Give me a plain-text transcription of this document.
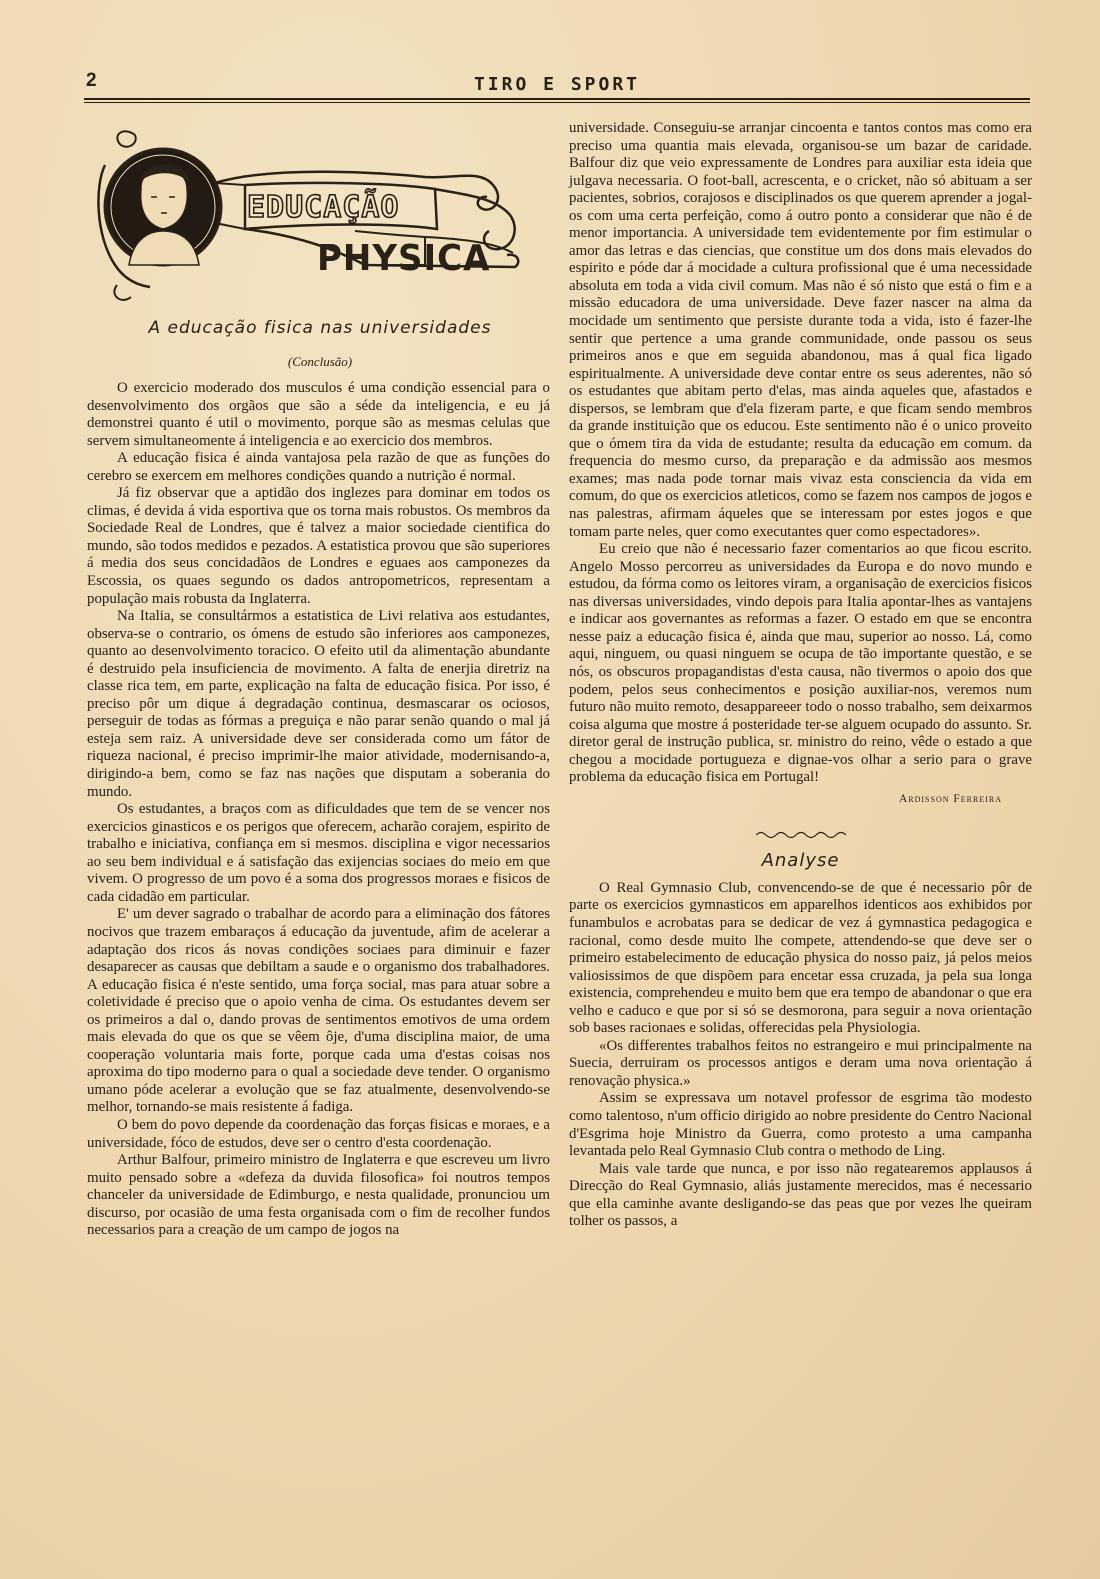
2	TIRO E SPORT
EDUCAÇÃO
PHYSICA
A educação fisica nas universidades
(Conclusão)

O exercicio moderado dos musculos é uma condição essencial para o desenvolvimento dos orgãos que são a séde da inteligencia, e eu já demonstrei quanto é util o movimento, porque são as mesmas celulas que servem simultaneomente á inteligencia e ao exercicio dos membros.

A educação fisica é ainda vantajosa pela razão de que as funções do cerebro se exercem em melhores condições quando a nutrição é normal.

Já fiz observar que a aptidão dos inglezes para dominar em todos os climas, é devida á vida esportiva que os torna mais robustos. Os membros da Sociedade Real de Londres, que é talvez a maior sociedade cientifica do mundo, são todos medidos e pezados. A estatistica provou que são superiores á media dos seus concidadãos de Londres e eguaes aos camponezes da Escossia, os quaes segundo os dados antropometricos, representam a população mais robusta da Inglaterra.

Na Italia, se consultármos a estatistica de Livi relativa aos estudantes, observa-se o contrario, os ómens de estudo são inferiores aos camponezes, quanto ao desenvolvimento toracico. O efeito util da alimentação abundante é destruido pela insuficiencia de movimento. A falta de enerjia diretriz na classe rica tem, em parte, explicação na falta de educação fisica. Por isso, é preciso pôr um dique á degradação continua, desmascarar os ociosos, perseguir de todas as fórmas a preguiça e não parar senão quando o mal já esteja sem raiz. A universidade deve ser considerada como um fátor de riqueza nacional, é preciso imprimir-lhe maior atividade, modernisando-a, dirigindo-a bem, como se faz nas nações que disputam a soberania do mundo.

Os estudantes, a braços com as dificuldades que tem de se vencer nos exercicios ginasticos e os perigos que oferecem, acharão corajem, espirito de trabalho e iniciativa, confiança em si mesmos. disciplina e vigor necessarios ao seu bem individual e á satisfação das exijencias sociaes do meio em que vivem. O progresso de um povo é a soma dos progressos moraes e fisicos de cada cidadão em particular.

E' um dever sagrado o trabalhar de acordo para a eliminação dos fátores nocivos que trazem embaraços á educação da juventude, afim de acelerar a adaptação dos ricos ás novas condições sociaes para diminuir e fazer desaparecer as causas que debiltam a saude e o organismo dos trabalhadores. A educação fisica é n'este sentido, uma força social, mas para atuar sobre a coletividade é preciso que o apoio venha de cima. Os estudantes devem ser os primeiros a dal o, dando provas de sentimentos emotivos de uma ordem mais elevada do que os que se vêem ôje, d'uma disciplina maior, de uma cooperação voluntaria mais forte, porque cada uma d'estas coisas nos aproxima do tipo moderno para o qual a sociedade deve tender. O organismo umano póde acelerar a evolução que se faz atualmente, desenvolvendo-se melhor, tornando-se mais resistente á fadiga.

O bem do povo depende da coordenação das forças fisicas e moraes, e a universidade, fóco de estudos, deve ser o centro d'esta coordenação.

Arthur Balfour, primeiro ministro de Inglaterra e que escreveu um livro muito pensado sobre a «defeza da duvida filosofica» foi noutros tempos chanceler da universidade de Edimburgo, e nesta qualidade, pronunciou um discurso, por ocasião de uma festa organisada com o fim de recolher fundos necessarios para a creação de um campo de jogos na

universidade. Conseguiu-se arranjar cincoenta e tantos contos mas como era preciso uma quantia mais elevada, organisou-se um bazar de caridade. Balfour diz que veio expressamente de Londres para auxiliar esta ideia que julgava necessaria. O foot-ball, acrescenta, e o cricket, não só abituam a ser pacientes, sobrios, corajosos e disciplinados os que querem aprender a jogal-os com uma certa perfeição, como á outro ponto a considerar que não é de menor importancia. A universidade tem evidentemente por fim estimular o amor das letras e das ciencias, que constitue um dos dons mais elevados do espirito e póde dar á mocidade a cultura profissional que é uma necessidade absoluta em toda a vida civil comum. Mas não é só nisto que está o fim e a missão educadora de uma universidade. Deve fazer nascer na alma da mocidade um sentimento que persiste durante toda a vida, isto é fazer-lhe sentir que pertence a uma grande communidade, onde passou os seus primeiros anos e que em seguida abandonou, mas á qual fica ligado espiritualmente. A universidade deve contar entre os seus aderentes, não só os estudantes que abitam perto d'elas, mas ainda aqueles que, afastados e dispersos, se lembram que d'ela fizeram parte, e que ficam sendo membros da grande instituição que os educou. Este sentimento não é o unico proveito que o ómem tira da vida de estudante; resulta da educação em comum. da frequencia do mesmo curso, da preparação e da admissão aos mesmos exames; mas nada pode tornar mais vivaz esta consciencia da vida em comum, do que os exercicios atleticos, como se fazem nos campos de jogos e nas palestras, afirmam áqueles que se interessam por estes jogos e que tomam parte neles, quer como executantes quer como espectadores».

Eu creio que não é necessario fazer comentarios ao que ficou escrito. Angelo Mosso percorreu as universidades da Europa e do novo mundo e estudou, da fórma como os leitores viram, a organisação de exercicios fisicos nas diversas universidades, vindo depois para Italia apontar-lhes as vantajens e indicar aos governantes as reformas a fazer. O estado em que se encontra nesse paiz a educação fisica é, ainda que mau, superior ao nosso. Lá, como aqui, ninguem, ou quasi ninguem se ocupa de tão importante questão, e se nós, os obscuros propagandistas d'esta causa, não tivermos o apoio dos que podem, pelos seus conhecimentos e posição auxiliar-nos, veremos num futuro não muito remoto, desappareeer todo o nosso trabalho, sem deixarmos coisa alguma que mostre á posteridade ter-se alguem ocupado do assunto. Sr. diretor geral de instrução publica, sr. ministro do reino, vêde o estado a que chegou a mocidade portugueza e dignae-vos olhar a serio para o grave problema da educação fisica em Portugal!

Ardisson Ferreira
Analyse

O Real Gymnasio Club, convencendo-se de que é necessario pôr de parte os exercicios gymnasticos em apparelhos identicos aos exhibidos por funambulos e acrobatas para se dedicar de vez á gymnastica pedagogica e racional, como desde muito lhe compete, attendendo-se que deve ser o primeiro estabelecimento de educação physica do nosso paiz, já pelos meios valiosissimos de que dispõem para encetar essa cruzada, ja pela sua longa existencia, comprehendeu e muito bem que era tempo de abandonar o que era velho e caduco e que por si só se desmorona, para seguir a nova orientação sob bases racionaes e solidas, offerecidas pela Physiologia.

«Os differentes trabalhos feitos no estrangeiro e mui principalmente na Suecia, derruiram os processos antigos e deram uma nova orientação á renovação physica.»

Assim se expressava um notavel professor de esgrima tão modesto como talentoso, n'um officio dirigido ao nobre presidente do Centro Nacional d'Esgrima hoje Ministro da Guerra, como protesto a uma campanha levantada pelo Real Gymnasio Club contra o methodo de Ling.

Mais vale tarde que nunca, e por isso não regatearemos applausos á Direcção do Real Gymnasio, aliás justamente merecidos, mas é necessario que ella caminhe avante desligando-se das peas que por vezes lhe queiram tolher os passos, a
